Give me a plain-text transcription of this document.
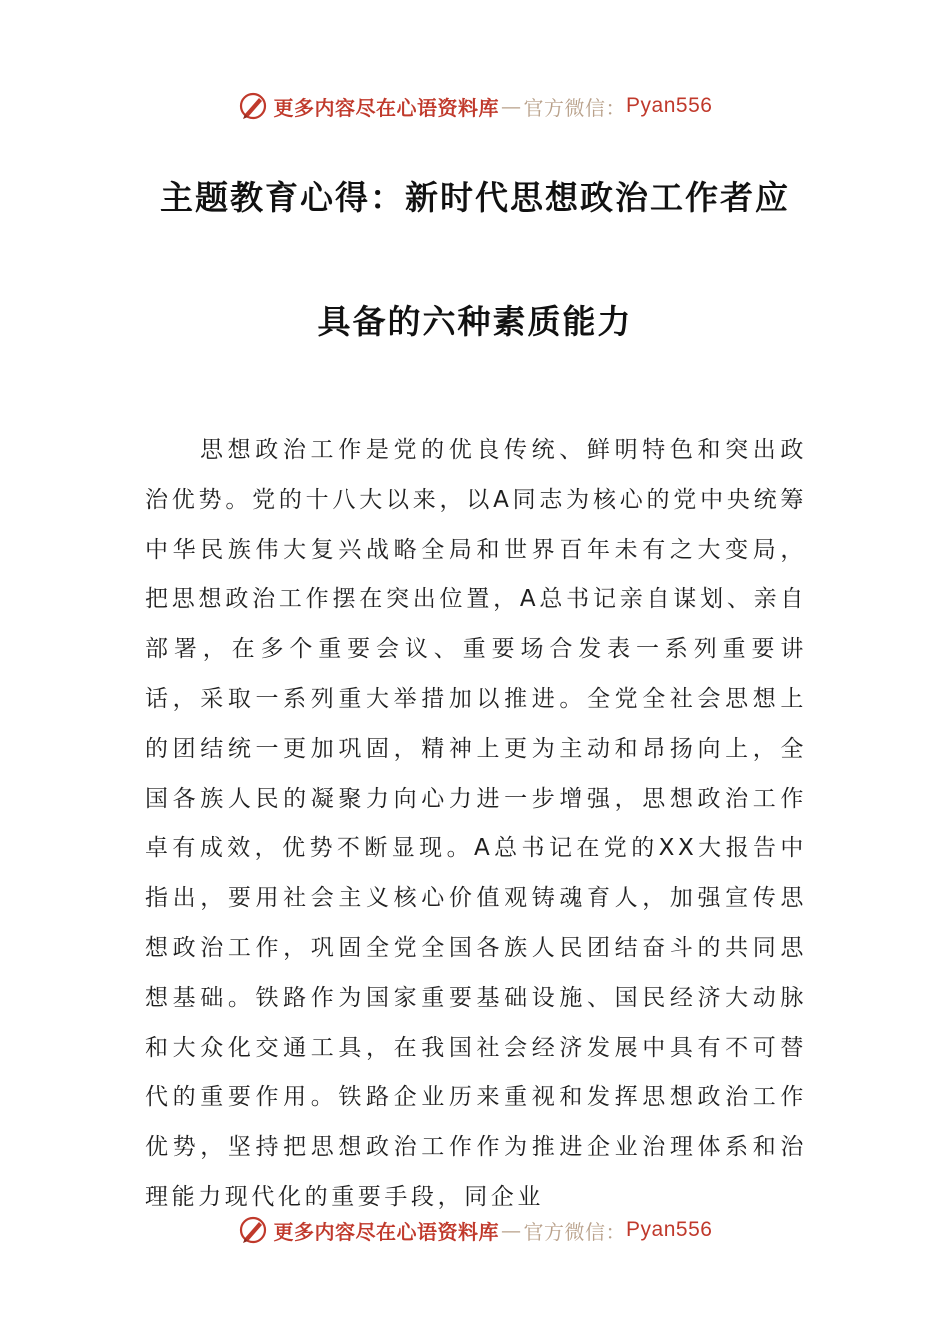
更多内容尽在心语资料库 — 官方微信： Pyan556
主题教育心得：新时代思想政治工作者应
具备的六种素质能力

思想政治工作是党的优良传统、鲜明特色和突出政治优势。党的十八大以来，以A同志为核心的党中央统筹中华民族伟大复兴战略全局和世界百年未有之大变局，把思想政治工作摆在突出位置，A总书记亲自谋划、亲自部署，在多个重要会议、重要场合发表一系列重要讲话，采取一系列重大举措加以推进。全党全社会思想上的团结统一更加巩固，精神上更为主动和昂扬向上，全国各族人民的凝聚力向心力进一步增强，思想政治工作卓有成效，优势不断显现。A总书记在党的XX大报告中指出，要用社会主义核心价值观铸魂育人，加强宣传思想政治工作，巩固全党全国各族人民团结奋斗的共同思想基础。铁路作为国家重要基础设施、国民经济大动脉和大众化交通工具，在我国社会经济发展中具有不可替代的重要作用。铁路企业历来重视和发挥思想政治工作优势，坚持把思想政治工作作为推进企业治理体系和治理能力现代化的重要手段，同企业

更多内容尽在心语资料库 — 官方微信： Pyan556
